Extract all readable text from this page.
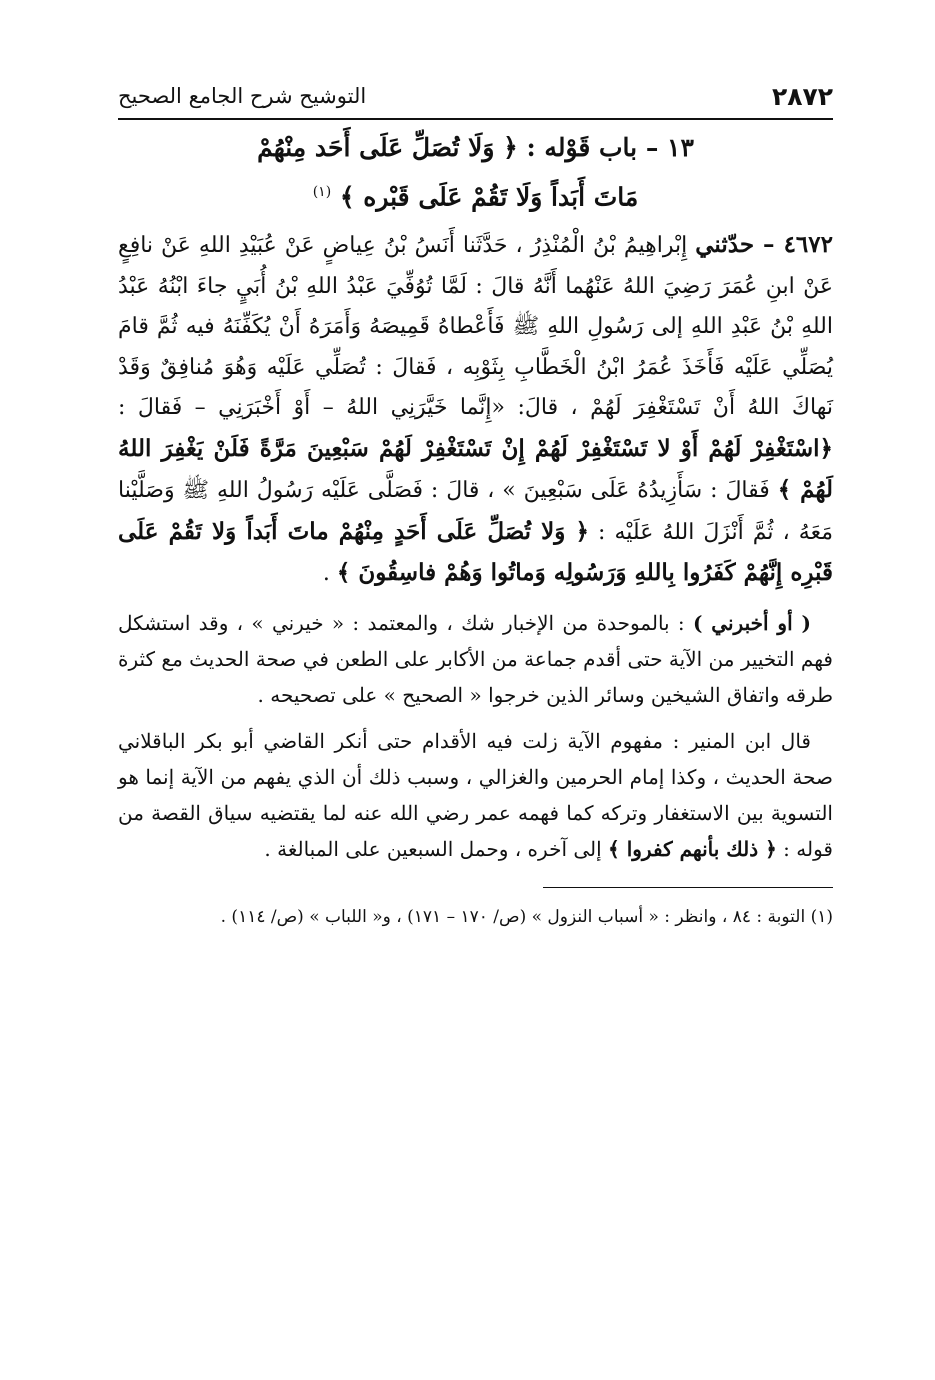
٢٨٧٢
التوشيح شرح الجامع الصحيح
١٣ – باب قَوْله : ﴿ وَلَا تُصَلِّ عَلَى أَحَد مِنْهُمْ
مَاتَ أَبَداً وَلَا تَقُمْ عَلَى قَبْره ﴾ $^{(١)}$
٤٦٧٢ – حدّثني إِبْراهِيمُ بْنُ الْمُنْذِرُ ، حَدَّثَنا أَنَسُ بْنُ عِياضٍ عَنْ عُبَيْدِ اللهِ عَنْ نافِعٍ عَنْ ابنِ عُمَرَ رَضِيَ اللهُ عَنْهُما أَنَّهُ قالَ : لَمَّا تُوُفِّيَ عَبْدُ اللهِ بْنُ أُبَيٍ جاءَ ابْنُهُ عَبْدُ اللهِ بْنُ عَبْدِ اللهِ إلى رَسُولِ اللهِ ﷺ فَأَعْطاهُ قَمِيصَهُ وَأَمَرَهُ أَنْ يُكَفِّنَهُ فيه ثُمَّ قامَ يُصَلِّي عَلَيْه فَأَخَذَ عُمَرُ ابْنُ الْخَطَّابِ بِثَوْبِه ، فَقالَ : تُصَلِّي عَلَيْه وَهُوَ مُنافِقٌ وَقَدْ نَهاكَ اللهُ أَنْ تَسْتَغْفِرَ لَهُمْ ، قالَ: «إِنَّما خَيَّرَنِي اللهُ – أَوْ أَخْبَرَنِي – فَقالَ : ﴿اسْتَغْفِرْ لَهُمْ أَوْ لا تَسْتَغْفِرْ لَهُمْ إِنْ تَسْتَغْفِرْ لَهُمْ سَبْعِينَ مَرَّةً فَلَنْ يَغْفِرَ اللهُ لَهُمْ ﴾ فَقالَ : سَأَزِيدُهُ عَلَى سَبْعِينَ » ، قالَ : فَصَلَّى عَلَيْه رَسُولُ اللهِ ﷺ وَصَلَّيْنا مَعَهُ ، ثُمَّ أَنْزَلَ اللهُ عَلَيْه : ﴿ وَلا تُصَلِّ عَلَى أَحَدٍ مِنْهُمْ ماتَ أَبَداً وَلا تَقُمْ عَلَى قَبْرِه إِنَّهُمْ كَفَرُوا بِاللهِ وَرَسُولِه وَماتُوا وَهُمْ فاسِقُونَ ﴾ .
( أو أخبرني ) : بالموحدة من الإخبار شك ، والمعتمد : « خيرني » ، وقد استشكل فهم التخيير من الآية حتى أقدم جماعة من الأكابر على الطعن في صحة الحديث مع كثرة طرقه واتفاق الشيخين وسائر الذين خرجوا « الصحيح » على تصحيحه .
قال ابن المنير : مفهوم الآية زلت فيه الأقدام حتى أنكر القاضي أبو بكر الباقلاني صحة الحديث ، وكذا إمام الحرمين والغزالي ، وسبب ذلك أن الذي يفهم من الآية إنما هو التسوية بين الاستغفار وتركه كما فهمه عمر رضي الله عنه لما يقتضيه سياق القصة من قوله : ﴿ ذلك بأنهم كفروا ﴾ إلى آخره ، وحمل السبعين على المبالغة .
(١) التوبة : ٨٤ ، وانظر : « أسباب النزول » (ص/ ١٧٠ – ١٧١) ، و« اللباب » (ص/ ١١٤) .
